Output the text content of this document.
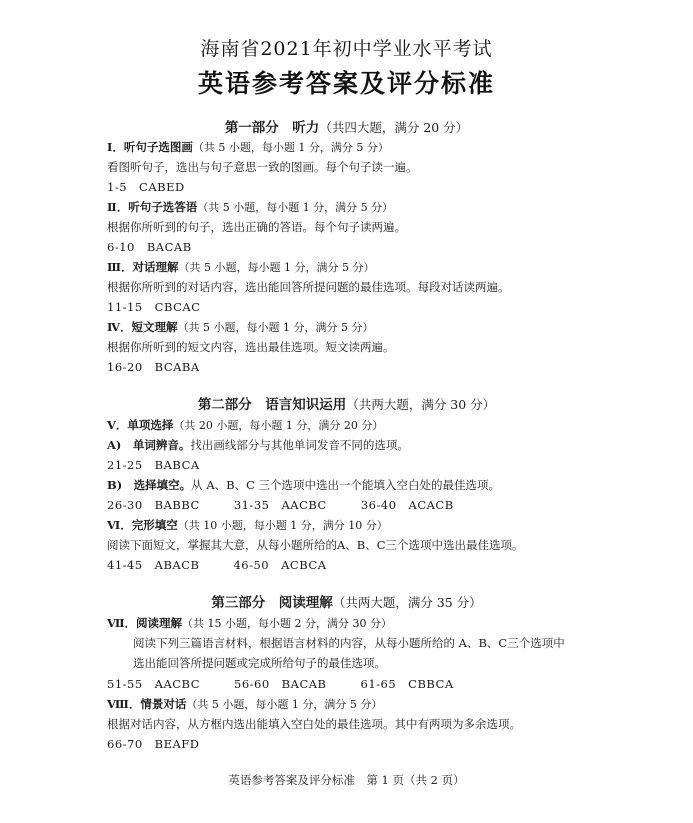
海南省2021年初中学业水平考试
英语参考答案及评分标准
第一部分　听力（共四大题，满分 20 分）
Ⅰ．听句子选图画（共 5 小题，每小题 1 分，满分 5 分）
看图听句子，选出与句子意思一致的图画。每个句子读一遍。
1-5　CABED
Ⅱ．听句子选答语（共 5 小题，每小题 1 分，满分 5 分）
根据你所听到的句子，选出正确的答语。每个句子读两遍。
6-10　BACAB
Ⅲ．对话理解（共 5 小题，每小题 1 分，满分 5 分）
根据你所听到的对话内容，选出能回答所提问题的最佳选项。每段对话读两遍。
11-15　CBCAC
Ⅳ．短文理解（共 5 小题，每小题 1 分，满分 5 分）
根据你所听到的短文内容，选出最佳选项。短文读两遍。
16-20　BCABA
第二部分　语言知识运用（共两大题，满分 30 分）
Ⅴ．单项选择（共 20 小题，每小题 1 分，满分 20 分）
A)　单词辨音。找出画线部分与其他单词发音不同的选项。
21-25　BABCA
B)　选择填空。从 A、B、C 三个选项中选出一个能填入空白处的最佳选项。
26-30　BABBC	31-35　AACBC	36-40　ACACB
Ⅵ．完形填空（共 10 小题，每小题 1 分，满分 10 分）
阅读下面短文，掌握其大意，从每小题所给的A、B、C三个选项中选出最佳选项。
41-45　ABACB	46-50　ACBCA
第三部分　阅读理解（共两大题，满分 35 分）
Ⅶ．阅读理解（共 15 小题，每小题 2 分，满分 30 分）
阅读下列三篇语言材料，根据语言材料的内容，从每小题所给的 A、B、C三个选项中
选出能回答所提问题或完成所给句子的最佳选项。
51-55　AACBC	56-60　BACAB	61-65　CBBCA
Ⅷ．情景对话（共 5 小题，每小题 1 分，满分 5 分）
根据对话内容，从方框内选出能填入空白处的最佳选项。其中有两项为多余选项。
66-70　BEAFD
英语参考答案及评分标准　第 1 页（共 2 页）
